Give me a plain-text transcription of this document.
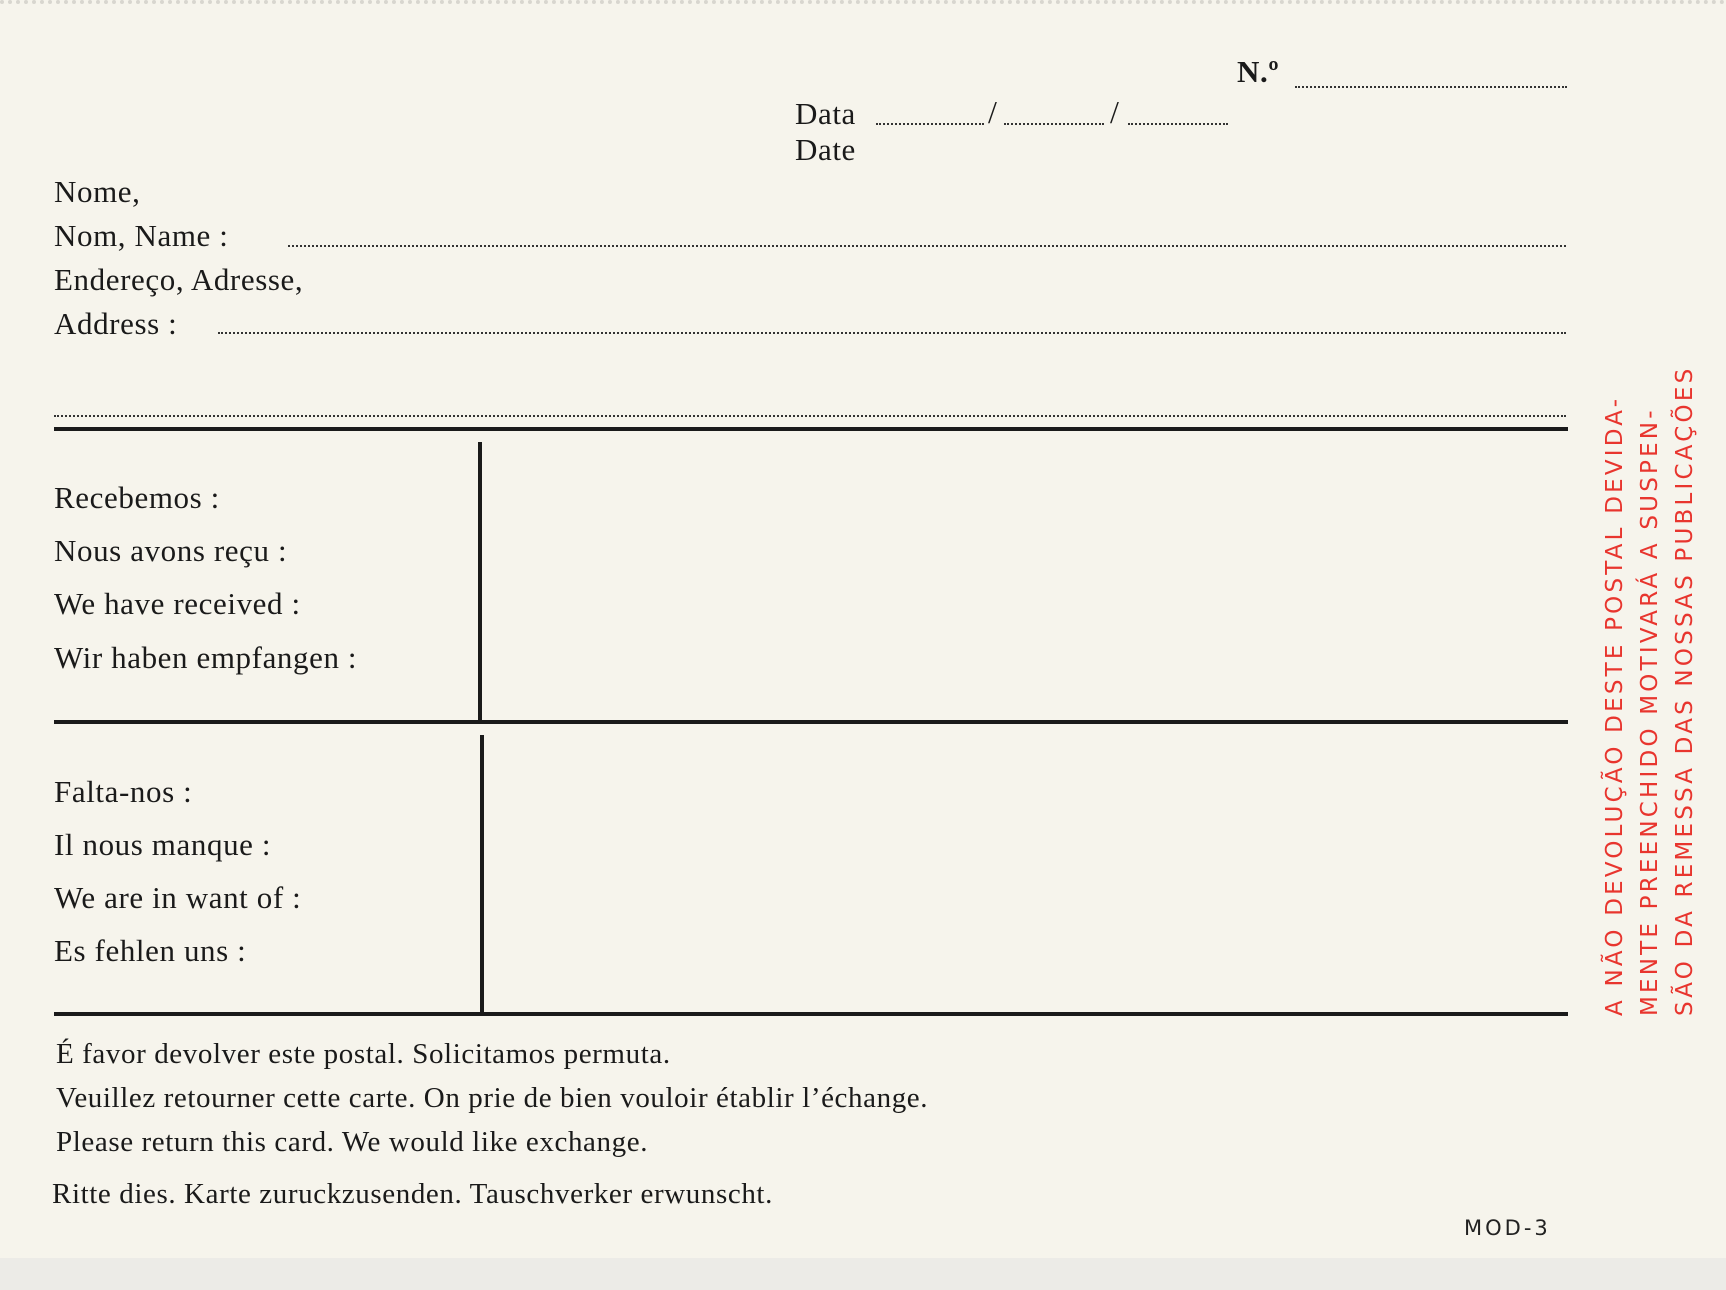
N.º
Data	/	/
Date
Nome,
Nom, Name :
Endereço, Adresse,
Address :
Recebemos :
Nous avons reçu :
We have received :
Wir haben empfangen :
Falta-nos :
Il nous manque :
We are in want of :
Es fehlen uns :
É favor devolver este postal. Solicitamos permuta.
Veuillez retourner cette carte. On prie de bien vouloir établir l’échange.
Please return this card. We would like exchange.
Ritte dies. Karte zuruckzusenden. Tauschverker erwunscht.
MOD-3
A NÃO DEVOLUÇÃO DESTE POSTAL DEVIDA- MENTE PREENCHIDO MOTIVARÁ A SUSPEN- SÃO DA REMESSA DAS NOSSAS PUBLICAÇÕES
